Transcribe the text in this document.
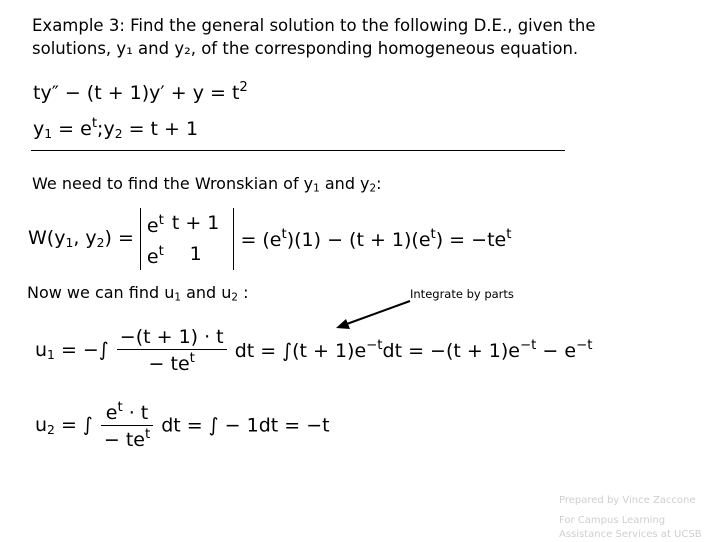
Example 3: Find the general solution to the following D.E., given the
solutions, y₁ and y₂, of the corresponding homogeneous equation.
$ty'' - (t + 1)y' + y = t^2$
$y_1$ = $e^t;y_2 = t + 1$
We need to find the Wronskian of $y_1$ and $y_2$:
$W(y_1$, $y_2$) =
$e^t$	t + 1
$e^t$	1
= $(e^t)(1) - (t + 1)(e^t) = -te^t$
Now we can find $u_1$ and $u_2$ :	Integrate by parts
$u_1$ = −∫ $\frac{-(t + 1) \cdot t}{- te^t}$ dt = $\int(t + 1)e^{-t}dt = -(t + 1)e^{-t} - e^{-t}$
$u_2$ = ∫ $\frac{e^t \cdot t}{- te^t}$ dt = ∫ − 1dt = −t
Prepared by Vince Zaccone
For Campus Learning
Assistance Services at UCSB
